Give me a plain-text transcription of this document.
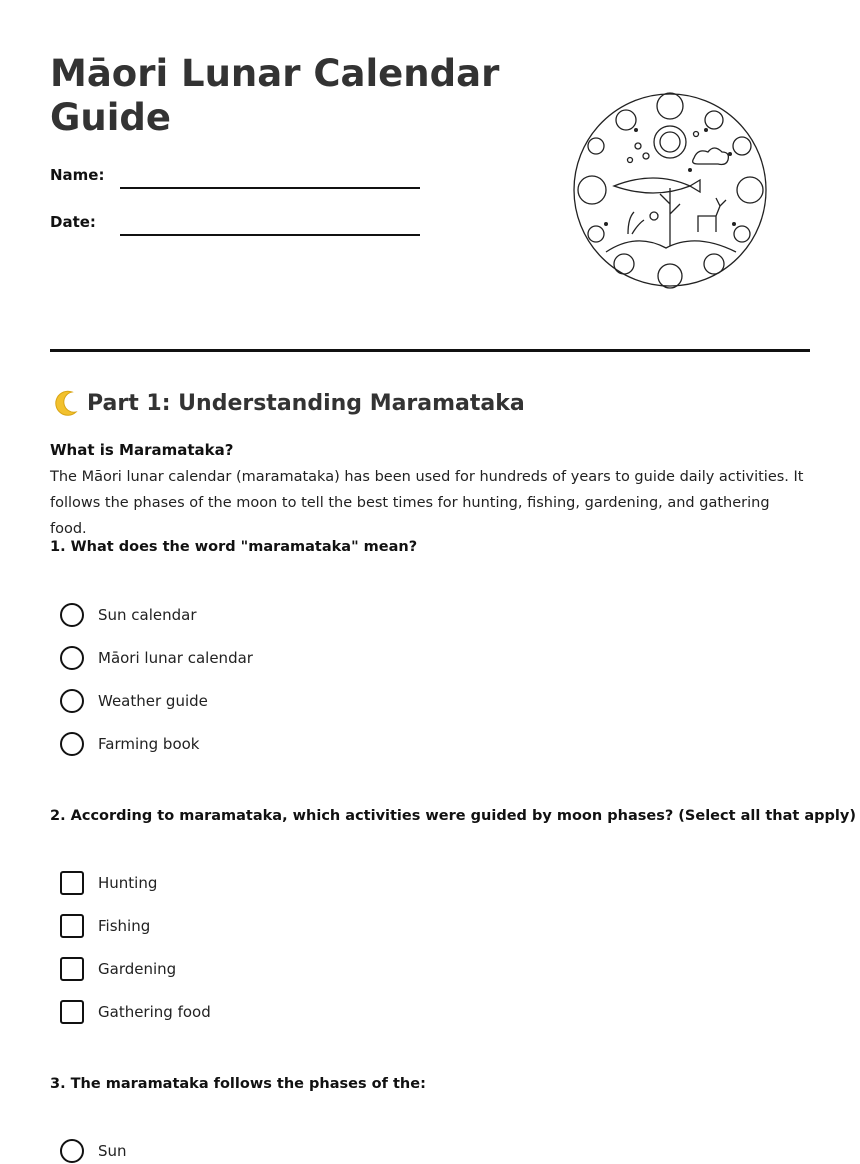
Māori Lunar Calendar Guide
Name:
Date:
Part 1: Understanding Maramataka
What is Maramataka?
The Māori lunar calendar (maramataka) has been used for hundreds of years to guide daily activities. It follows the phases of the moon to tell the best times for hunting, fishing, gardening, and gathering food.
1. What does the word "maramataka" mean?
Sun calendar
Māori lunar calendar
Weather guide
Farming book
2. According to maramataka, which activities were guided by moon phases? (Select all that apply)
Hunting
Fishing
Gardening
Gathering food
3. The maramataka follows the phases of the:
Sun
